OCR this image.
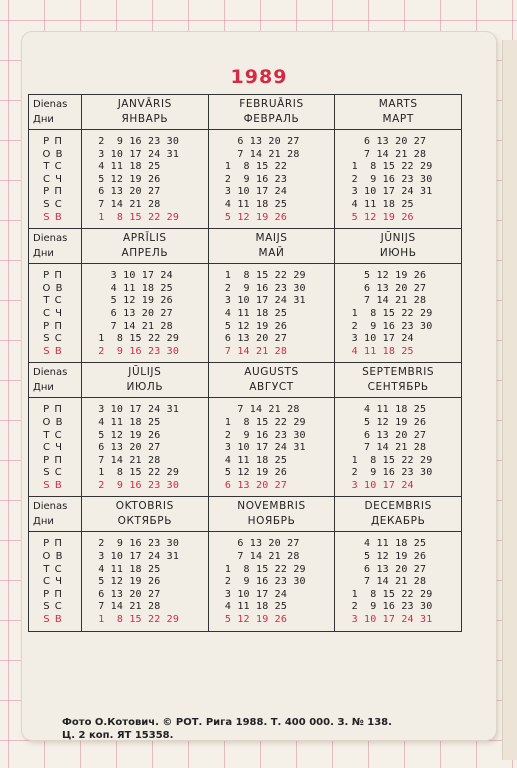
1989
Dienas
Дни
Р П
О В
Т С
С Ч
Р П
S С
S В
JANVĀRIS
ЯНВАРЬ
2  9 16 23 30
3 10 17 24 31
4 11 18 25
5 12 19 26
6 13 20 27
7 14 21 28
1  8 15 22 29
FEBRUĀRIS
ФЕВРАЛЬ
6 13 20 27
7 14 21 28
1  8 15 22
2  9 16 23
3 10 17 24
4 11 18 25
5 12 19 26
MARTS
МАРТ
6 13 20 27
7 14 21 28
1  8 15 22 29
2  9 16 23 30
3 10 17 24 31
4 11 18 25
5 12 19 26
Dienas
Дни
Р П
О В
Т С
С Ч
Р П
S С
S В
APRĪLIS
АПРЕЛЬ
3 10 17 24
4 11 18 25
5 12 19 26
6 13 20 27
7 14 21 28
1  8 15 22 29
2  9 16 23 30
MAIJS
МАЙ
1  8 15 22 29
2  9 16 23 30
3 10 17 24 31
4 11 18 25
5 12 19 26
6 13 20 27
7 14 21 28
JŪNIJS
ИЮНЬ
5 12 19 26
6 13 20 27
7 14 21 28
1  8 15 22 29
2  9 16 23 30
3 10 17 24
4 11 18 25
Dienas
Дни
Р П
О В
Т С
С Ч
Р П
S С
S В
JŪLIJS
ИЮЛЬ
3 10 17 24 31
4 11 18 25
5 12 19 26
6 13 20 27
7 14 21 28
1  8 15 22 29
2  9 16 23 30
AUGUSTS
АВГУСТ
7 14 21 28
1  8 15 22 29
2  9 16 23 30
3 10 17 24 31
4 11 18 25
5 12 19 26
6 13 20 27
SEPTEMBRIS
СЕНТЯБРЬ
4 11 18 25
5 12 19 26
6 13 20 27
7 14 21 28
1  8 15 22 29
2  9 16 23 30
3 10 17 24
Dienas
Дни
Р П
О В
Т С
С Ч
Р П
S С
S В
OKTOBRIS
ОКТЯБРЬ
2  9 16 23 30
3 10 17 24 31
4 11 18 25
5 12 19 26
6 13 20 27
7 14 21 28
1  8 15 22 29
NOVEMBRIS
НОЯБРЬ
6 13 20 27
7 14 21 28
1  8 15 22 29
2  9 16 23 30
3 10 17 24
4 11 18 25
5 12 19 26
DECEMBRIS
ДЕКАБРЬ
4 11 18 25
5 12 19 26
6 13 20 27
7 14 21 28
1  8 15 22 29
2  9 16 23 30
3 10 17 24 31
Фото О.Котович. © РОТ. Рига 1988. Т. 400 000. З. № 138.
Ц. 2 коп. ЯТ 15358.
